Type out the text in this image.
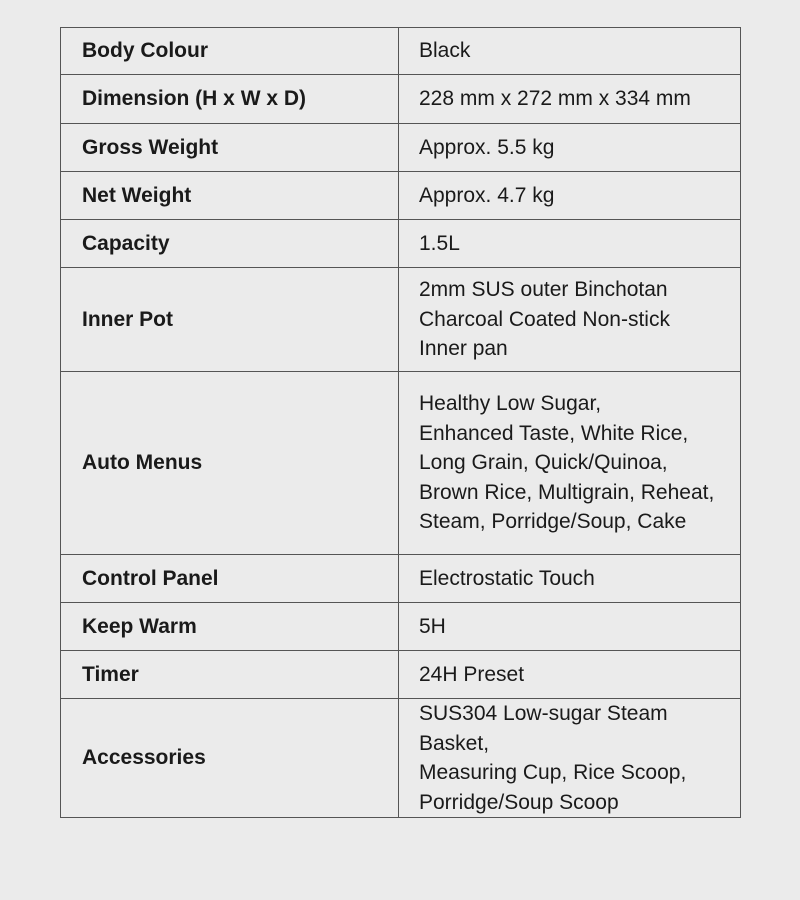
Body Colour	Black

Dimension (H x W x D)	228 mm x 272 mm x 334 mm

Gross Weight	Approx. 5.5 kg

Net Weight	Approx. 4.7 kg

Capacity	1.5L

Inner Pot	2mm SUS outer Binchotan
Charcoal Coated Non-stick
Inner pan

Auto Menus	Healthy Low Sugar,
Enhanced Taste, White Rice,
Long Grain, Quick/Quinoa,
Brown Rice, Multigrain, Reheat,
Steam, Porridge/Soup, Cake

Control Panel	Electrostatic Touch

Keep Warm	5H

Timer	24H Preset

Accessories	SUS304 Low-sugar Steam Basket,
Measuring Cup, Rice Scoop,
Porridge/Soup Scoop
